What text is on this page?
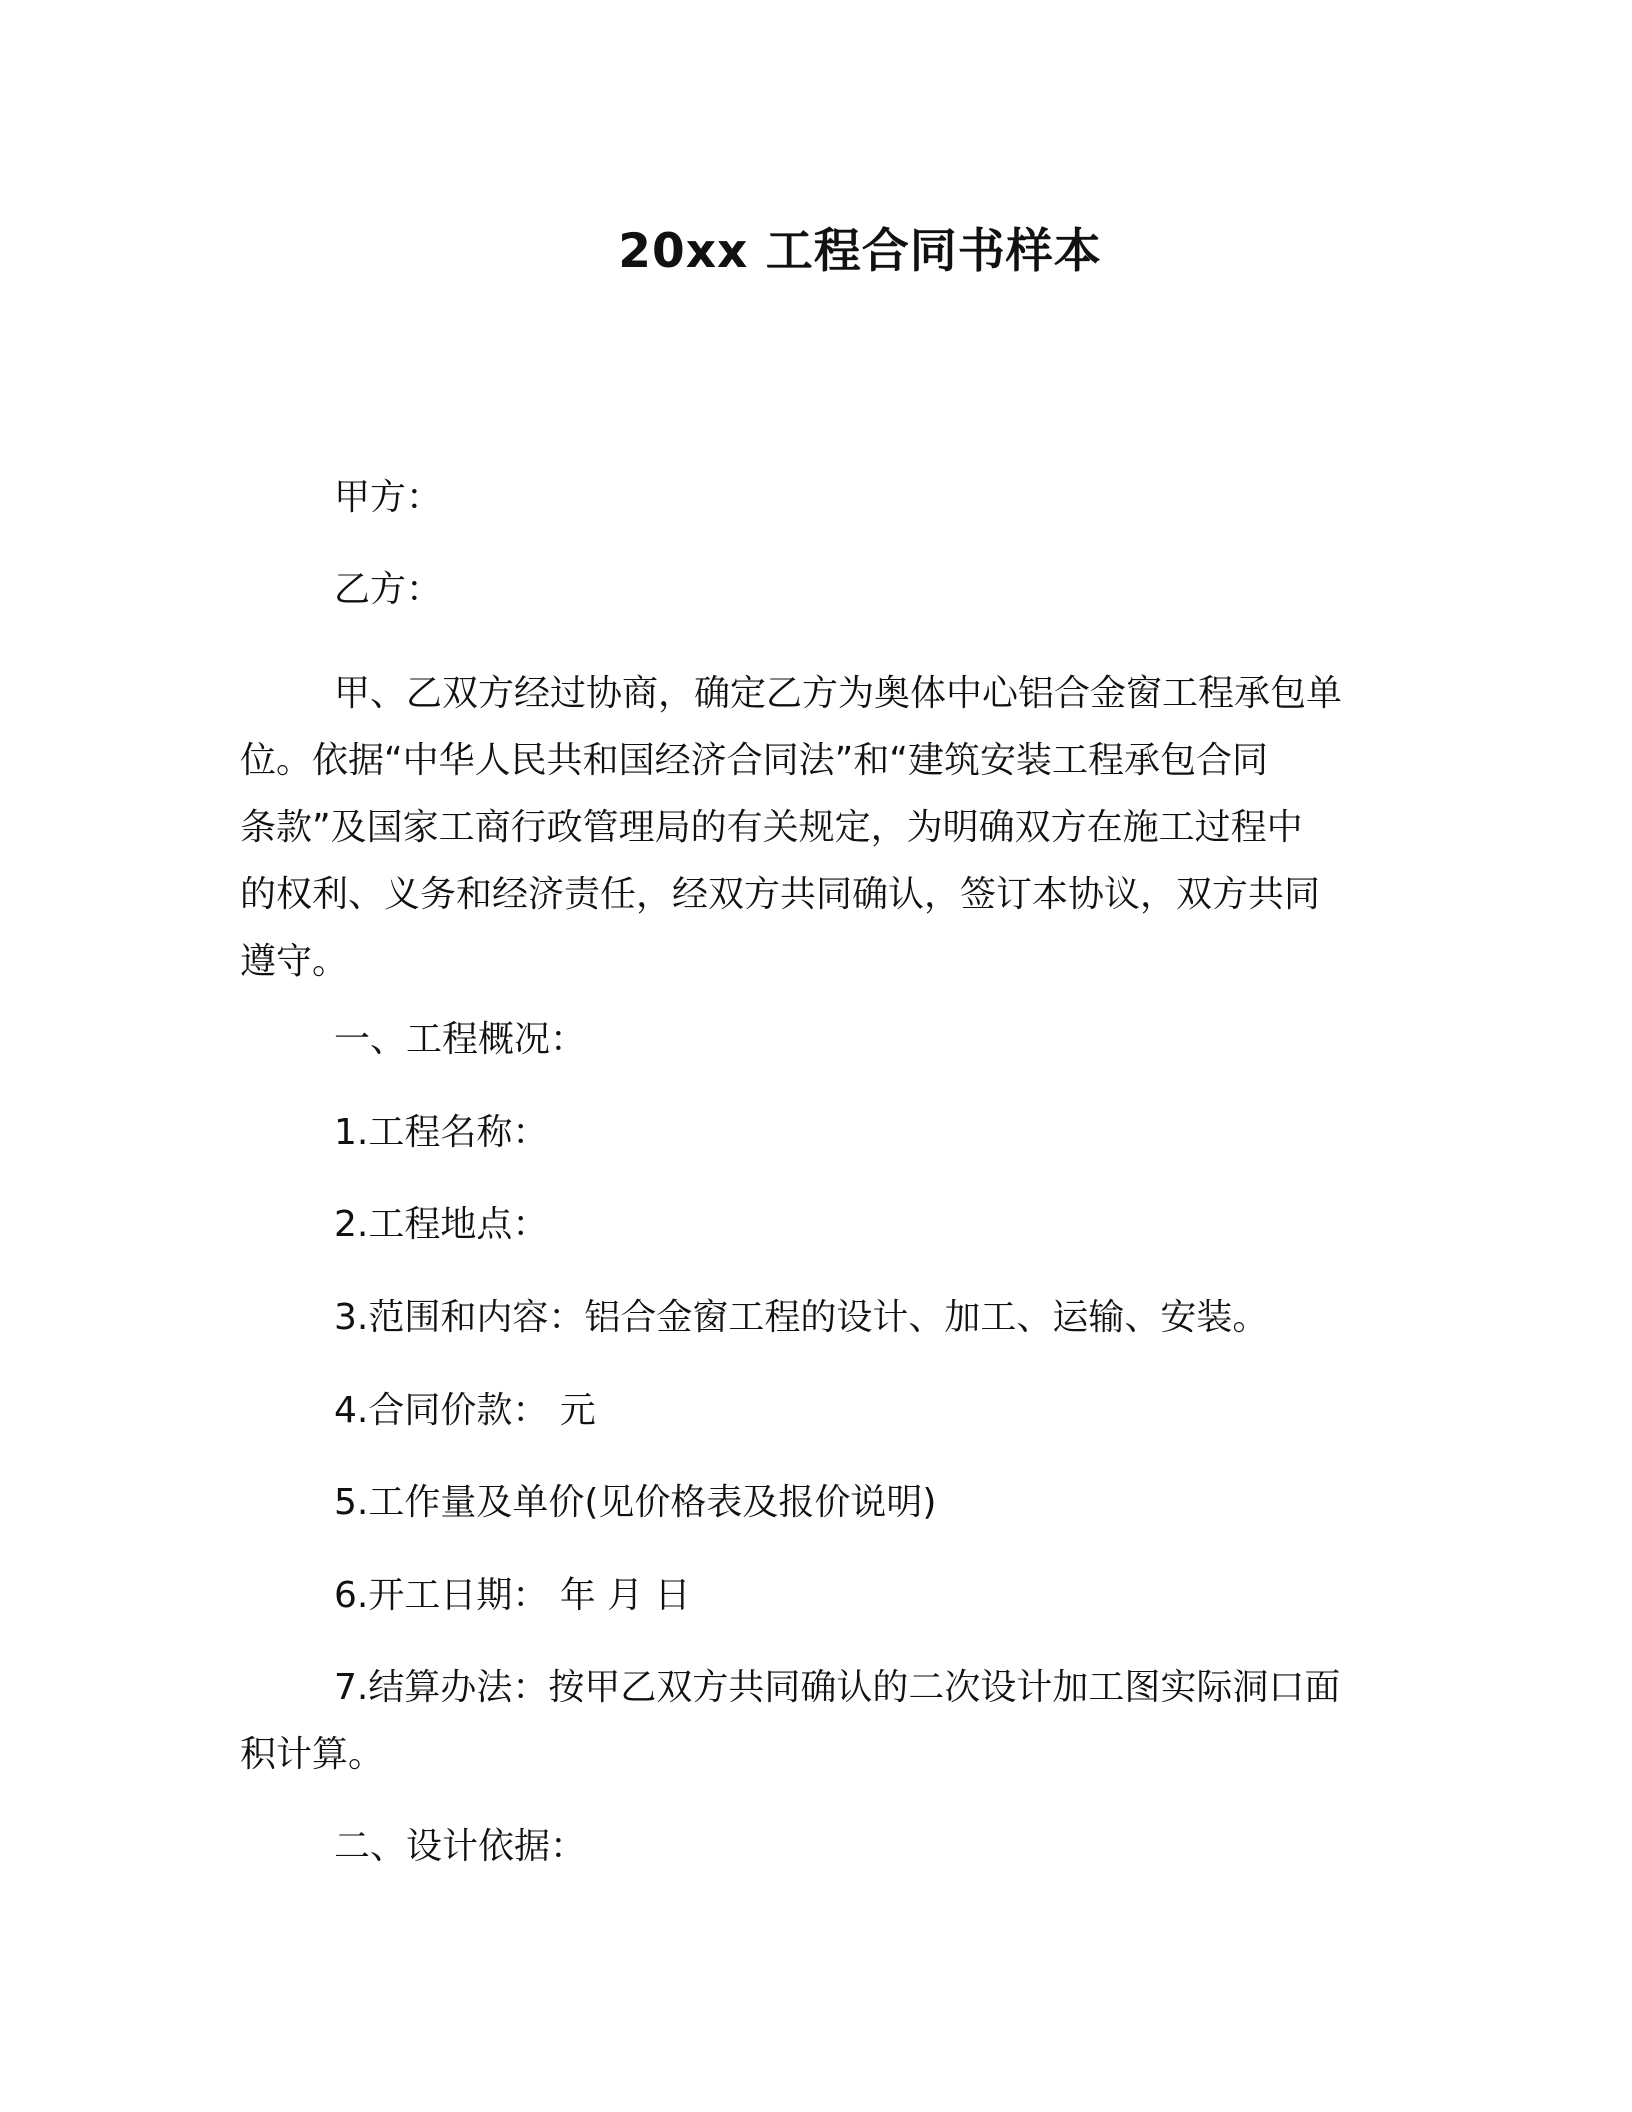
20xx 工程合同书样本
甲方：
乙方：
甲、乙双方经过协商，确定乙方为奥体中心铝合金窗工程承包单
位。依据“中华人民共和国经济合同法”和“建筑安装工程承包合同
条款”及国家工商行政管理局的有关规定，为明确双方在施工过程中
的权利、义务和经济责任，经双方共同确认，签订本协议，双方共同
遵守。
一、工程概况：
1.工程名称：
2.工程地点：
3.范围和内容：铝合金窗工程的设计、加工、运输、安装。
4.合同价款： 元
5.工作量及单价(见价格表及报价说明)
6.开工日期： 年 月 日
7.结算办法：按甲乙双方共同确认的二次设计加工图实际洞口面
积计算。
二、设计依据：
